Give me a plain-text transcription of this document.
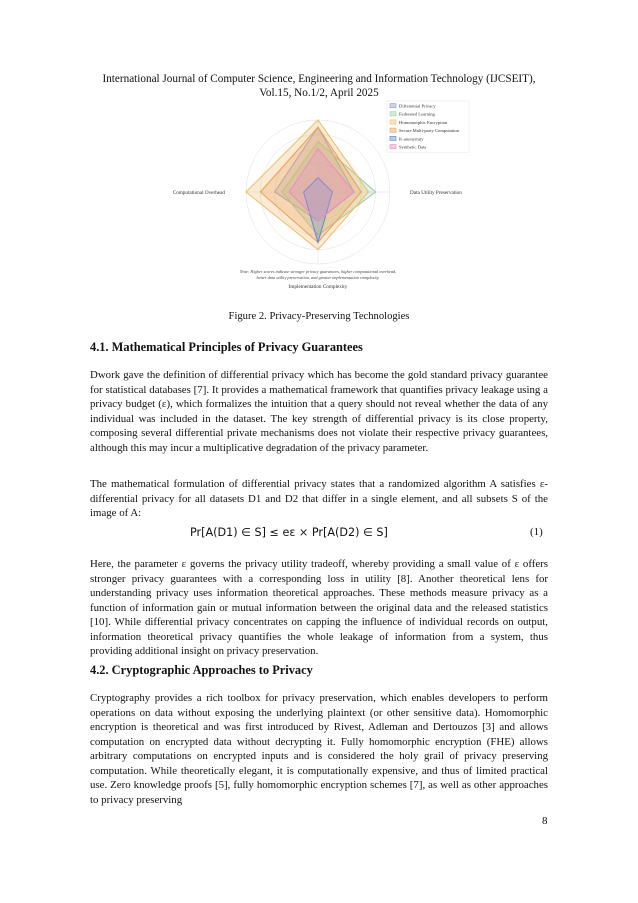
International Journal of Computer Science, Engineering and Information Technology (IJCSEIT),
Vol.15, No.1/2, April 2025
Differential Privacy
Federated Learning
Homomorphic Encryption
Secure Multi-party Computation
K-anonymity
Synthetic Data
Data Utility Preservation
Computational Overhead
Note: Higher scores indicate stronger privacy guarantees, higher computational overhead,
better data utility preservation, and greater implementation complexity.
Implementation Complexity
Figure 2. Privacy-Preserving Technologies
4.1. Mathematical Principles of Privacy Guarantees

Dwork gave the definition of differential privacy which has become the gold standard privacy guarantee for statistical databases [7]. It provides a mathematical framework that quantifies privacy leakage using a privacy budget (ε), which formalizes the intuition that a query should not reveal whether the data of any individual was included in the dataset. The key strength of differential privacy is its close property, composing several differential private mechanisms does not violate their respective privacy guarantees, although this may incur a multiplicative degradation of the privacy parameter.

The mathematical formulation of differential privacy states that a randomized algorithm A satisfies ε-differential privacy for all datasets D1 and D2 that differ in a single element, and all subsets S of the image of A:

Pr[A(D1) ∈ S] ≤ eε × Pr[A(D2) ∈ S]	(1)

Here, the parameter ε governs the privacy utility tradeoff, whereby providing a small value of ε offers stronger privacy guarantees with a corresponding loss in utility [8]. Another theoretical lens for understanding privacy uses information theoretical approaches. These methods measure privacy as a function of information gain or mutual information between the original data and the released statistics [10]. While differential privacy concentrates on capping the influence of individual records on output, information theoretical privacy quantifies the whole leakage of information from a system, thus providing additional insight on privacy preservation.

4.2. Cryptographic Approaches to Privacy

Cryptography provides a rich toolbox for privacy preservation, which enables developers to perform operations on data without exposing the underlying plaintext (or other sensitive data). Homomorphic encryption is theoretical and was first introduced by Rivest, Adleman and Dertouzos [3] and allows computation on encrypted data without decrypting it. Fully homomorphic encryption (FHE) allows arbitrary computations on encrypted inputs and is considered the holy grail of privacy preserving computation. While theoretically elegant, it is computationally expensive, and thus of limited practical use. Zero knowledge proofs [5], fully homomorphic encryption schemes [7], as well as other approaches to privacy preserving

8
